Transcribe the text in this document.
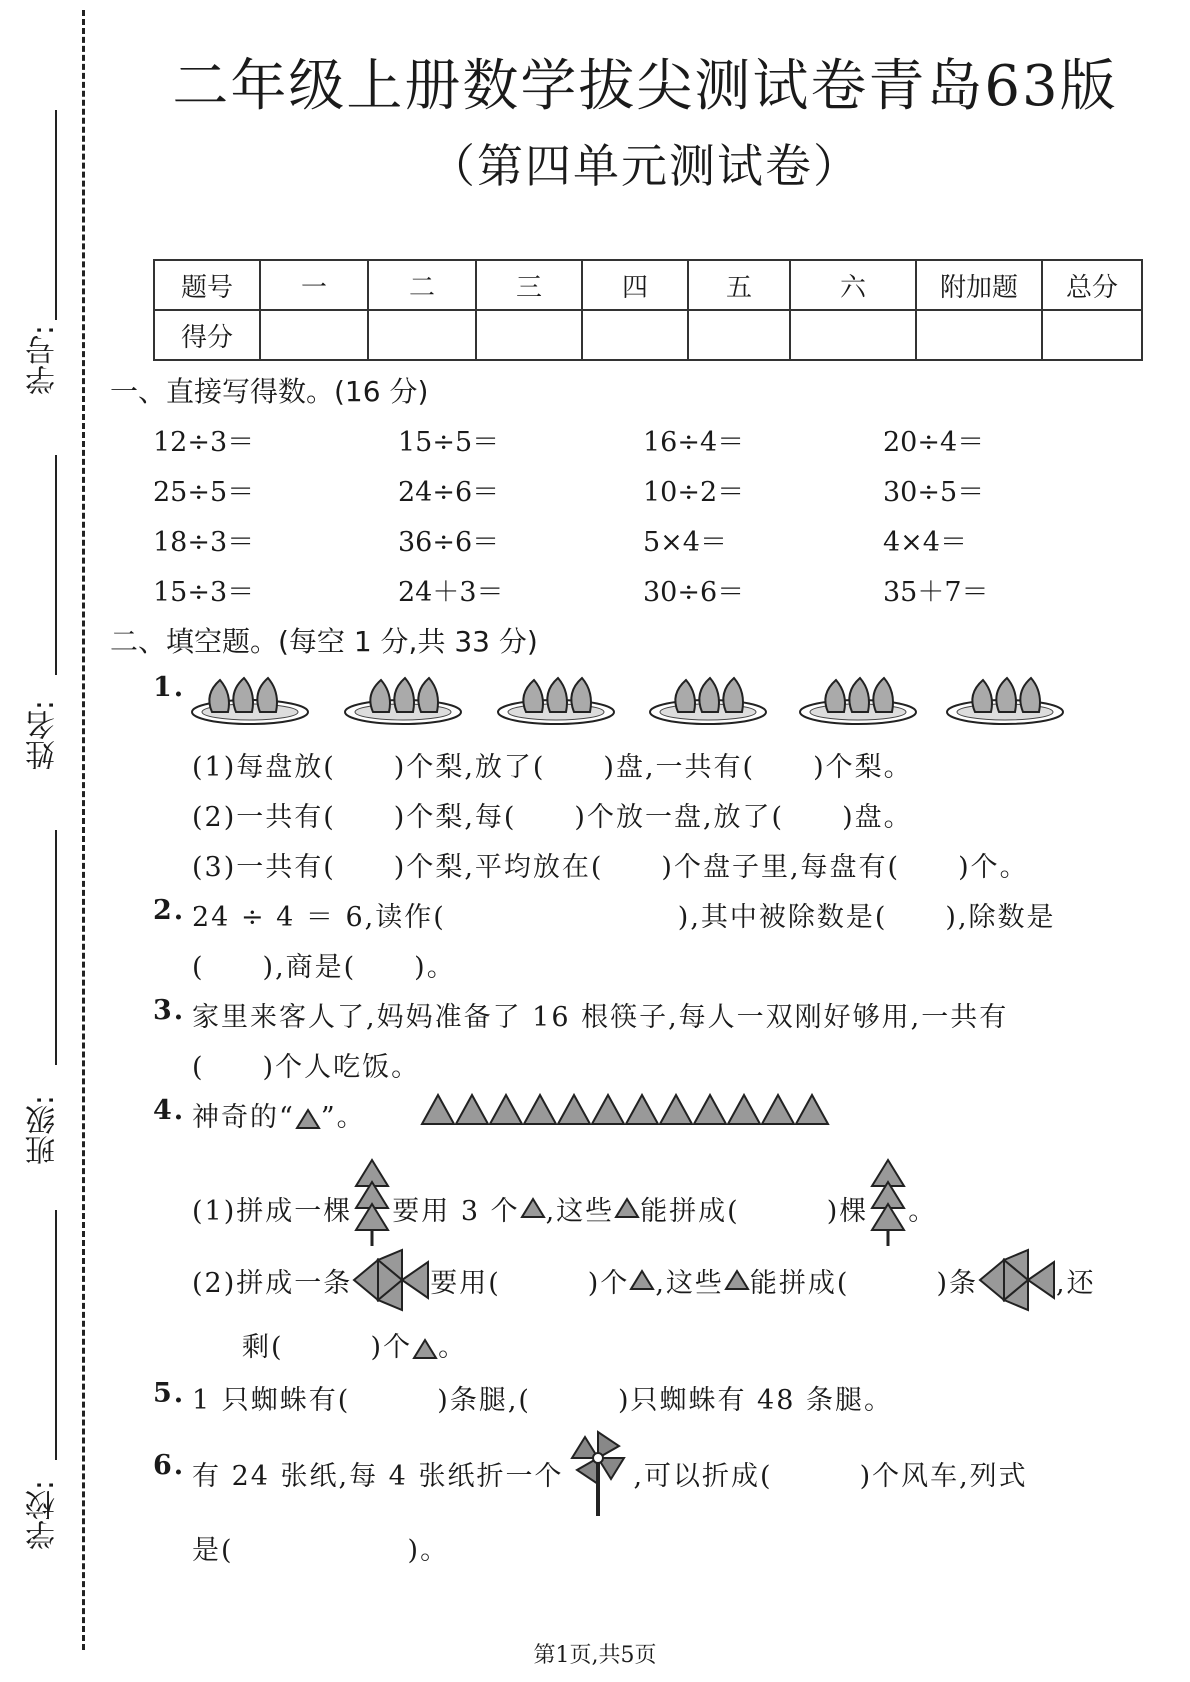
学号:
姓名:
班级:
学校:
二年级上册数学拔尖测试卷青岛63版
（第四单元测试卷）
题号	一	二	三	四	五	六	附加题	总分
得分								
一、直接写得数。(16 分)
12÷3＝	15÷5＝	16÷4＝	20÷4＝
25÷5＝	24÷6＝	10÷2＝	30÷5＝
18÷3＝	36÷6＝	5×4＝	4×4＝
15÷3＝	24＋3＝	30÷6＝	35＋7＝
二、填空题。(每空 1 分,共 33 分)
1.
(1)每盘放(　　)个梨,放了(　　)盘,一共有(　　)个梨。
(2)一共有(　　)个梨,每(　　)个放一盘,放了(　　)盘。
(3)一共有(　　)个梨,平均放在(　　)个盘子里,每盘有(　　)个。
2. 24 ÷ 4 ＝ 6,读作(　　　　　　　　),其中被除数是(　　),除数是
(　　),商是(　　)。
3. 家里来客人了,妈妈准备了 16 根筷子,每人一双刚好够用,一共有
(　　)个人吃饭。
4. 神奇的“ ”。
(1)拼成一棵 要用 3 个 ,这些 能拼成(　　　)棵 。
(2)拼成一条	要用(　　　)个 ,这些 能拼成(　　　)条	,还
剩(　　　)个 。
5. 1 只蜘蛛有(　　　)条腿,(　　　)只蜘蛛有 48 条腿。
6. 有 24 张纸,每 4 张纸折一个	,可以折成(　　　)个风车,列式
是(　　　　　　)。
第1页,共5页
